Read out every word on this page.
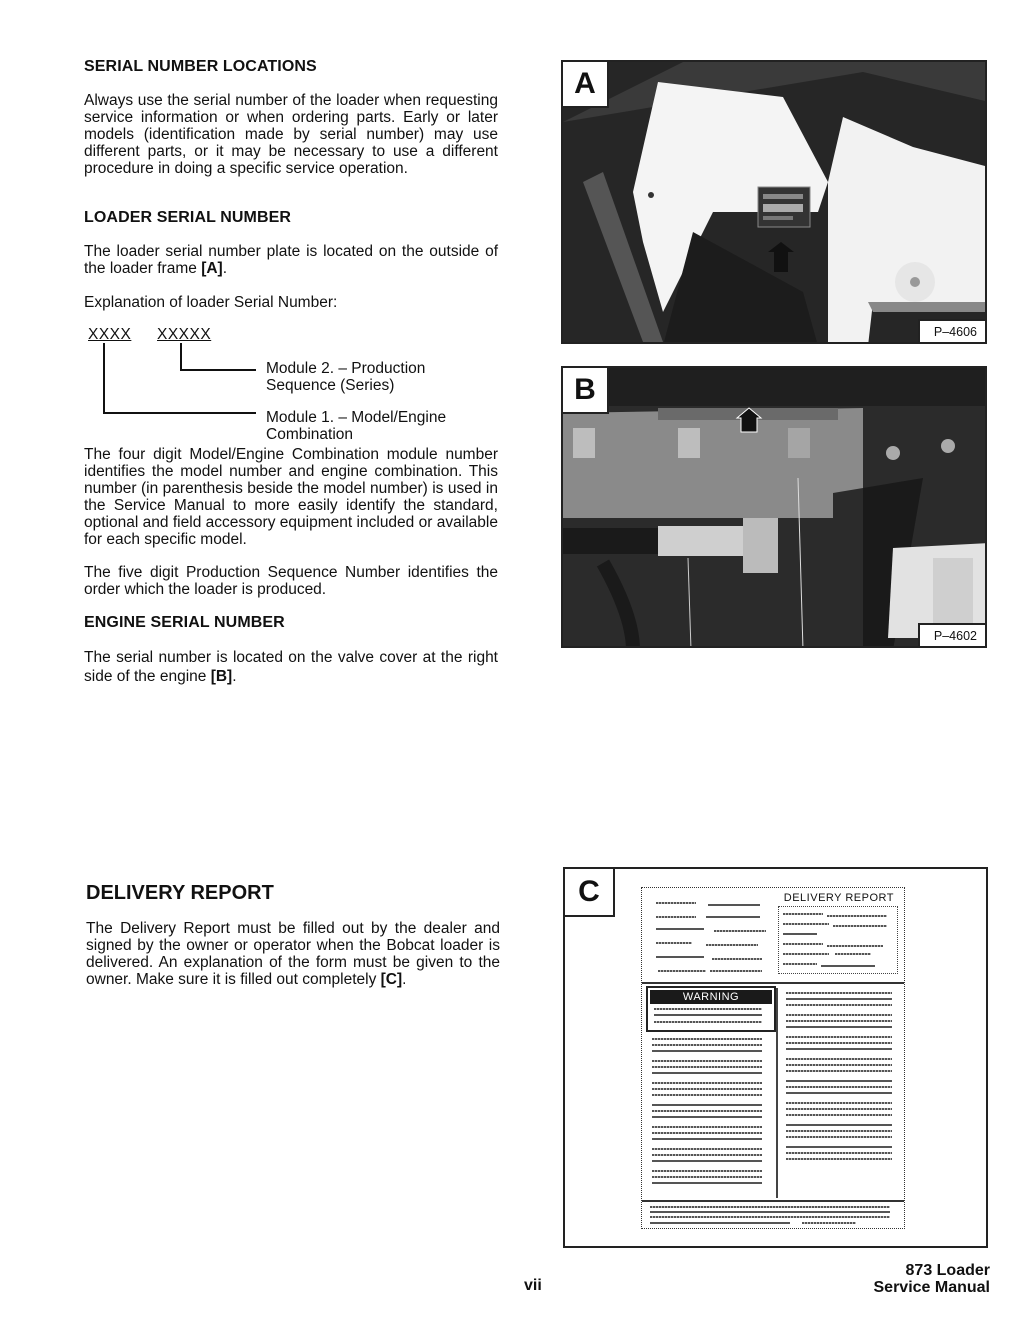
SERIAL NUMBER LOCATIONS
Always use the serial number of the loader when requesting service information or when ordering parts. Early or later models (identification made by serial number) may use different parts, or it may be necessary to use a different procedure in doing a specific service operation.
LOADER SERIAL NUMBER
The loader serial number plate is located on the outside of the loader frame [A].
Explanation of loader Serial Number:
XXXX XXXXX
Module 2. – Production
Sequence (Series)
Module 1. – Model/Engine
Combination
The four digit Model/Engine Combination module number identifies the model number and engine combination. This number (in parenthesis beside the model number) is used in the Service Manual to more easily identify the standard, optional and field accessory equipment included or available for each specific model.
The five digit Production Sequence Number identifies the order which the loader is produced.
ENGINE SERIAL NUMBER
The serial number is located on the valve cover at the right side of the engine [B].
DELIVERY REPORT
The Delivery Report must be filled out by the dealer and signed by the owner or operator when the Bobcat loader is delivered. An explanation of the form must be given to the owner. Make sure it is filled out completely [C].
A
P–4606
B
P–4602
C	DELIVERY REPORT
WARNING
vii
873 Loader
Service Manual
